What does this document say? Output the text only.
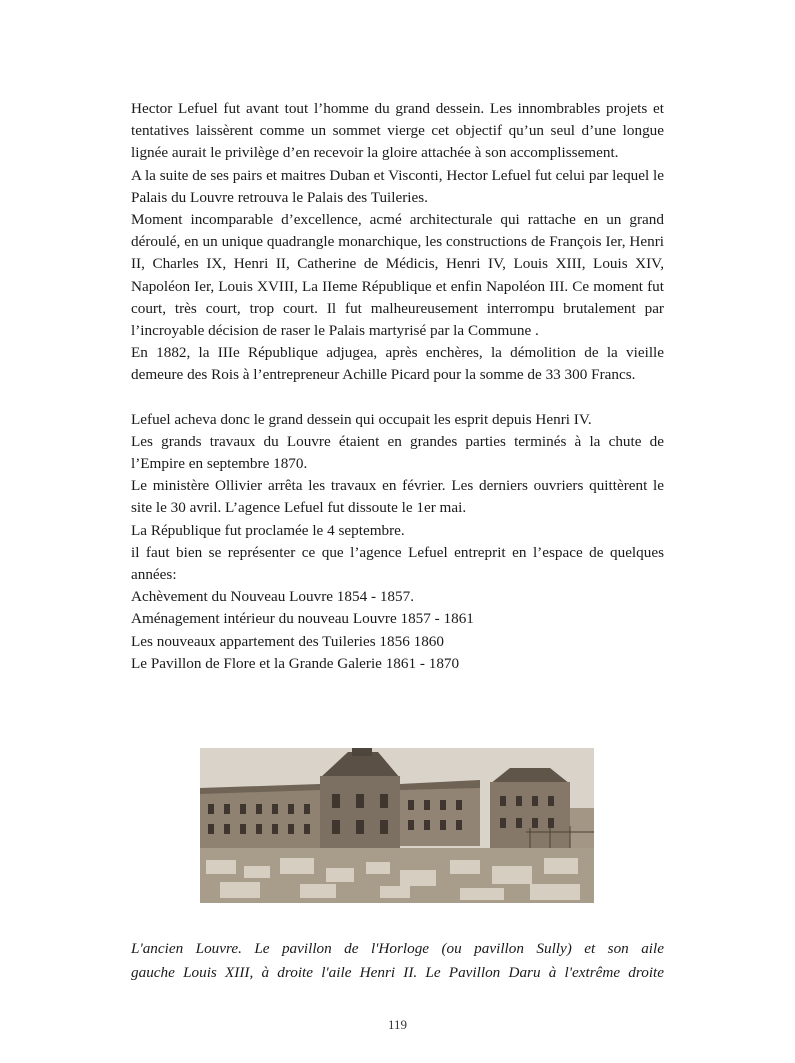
Hector Lefuel fut avant tout l’homme du grand dessein. Les innombrables projets et tentatives laissèrent comme un sommet vierge cet objectif qu’un seul d’une longue lignée aurait le privilège d’en recevoir la gloire attachée à son accomplissement.

A la suite de ses pairs et maitres Duban et Visconti, Hector Lefuel fut celui par lequel le Palais du Louvre retrouva le Palais des Tuileries.

Moment incomparable d’excellence, acmé architecturale qui rattache en un grand déroulé, en un unique quadrangle monarchique, les constructions de François Ier, Henri II, Charles IX, Henri II, Catherine de Médicis, Henri IV, Louis XIII, Louis XIV, Napoléon Ier, Louis XVIII, La IIeme République et enfin Napoléon III. Ce moment fut court, très court, trop court. Il fut malheureusement interrompu brutalement par l’incroyable décision de raser le Palais martyrisé par la Commune .

En 1882, la IIIe République adjugea, après enchères, la démolition de la vieille demeure des Rois à l’entrepreneur Achille Picard pour la somme de 33 300 Francs.

Lefuel acheva donc le grand dessein qui occupait les esprit depuis Henri IV.

Les grands travaux du Louvre étaient en grandes parties terminés à la chute de l’Empire en septembre 1870.

Le ministère Ollivier arrêta les travaux en février. Les derniers ouvriers quittèrent le site le 30 avril. L’agence Lefuel fut dissoute le 1er mai.

La République fut proclamée le 4 septembre.

il faut bien se représenter ce que l’agence Lefuel entreprit en l’espace de quelques années:

Achèvement du Nouveau Louvre 1854 - 1857.

Aménagement intérieur du nouveau Louvre 1857 - 1861

Les nouveaux appartement des Tuileries 1856 1860

Le Pavillon de Flore et la Grande Galerie 1861 - 1870

L'ancien Louvre. Le pavillon de l'Horloge (ou pavillon Sully) et son aile
gauche Louis XIII, à droite l'aile Henri II. Le Pavillon Daru à l'extrême droite

119
